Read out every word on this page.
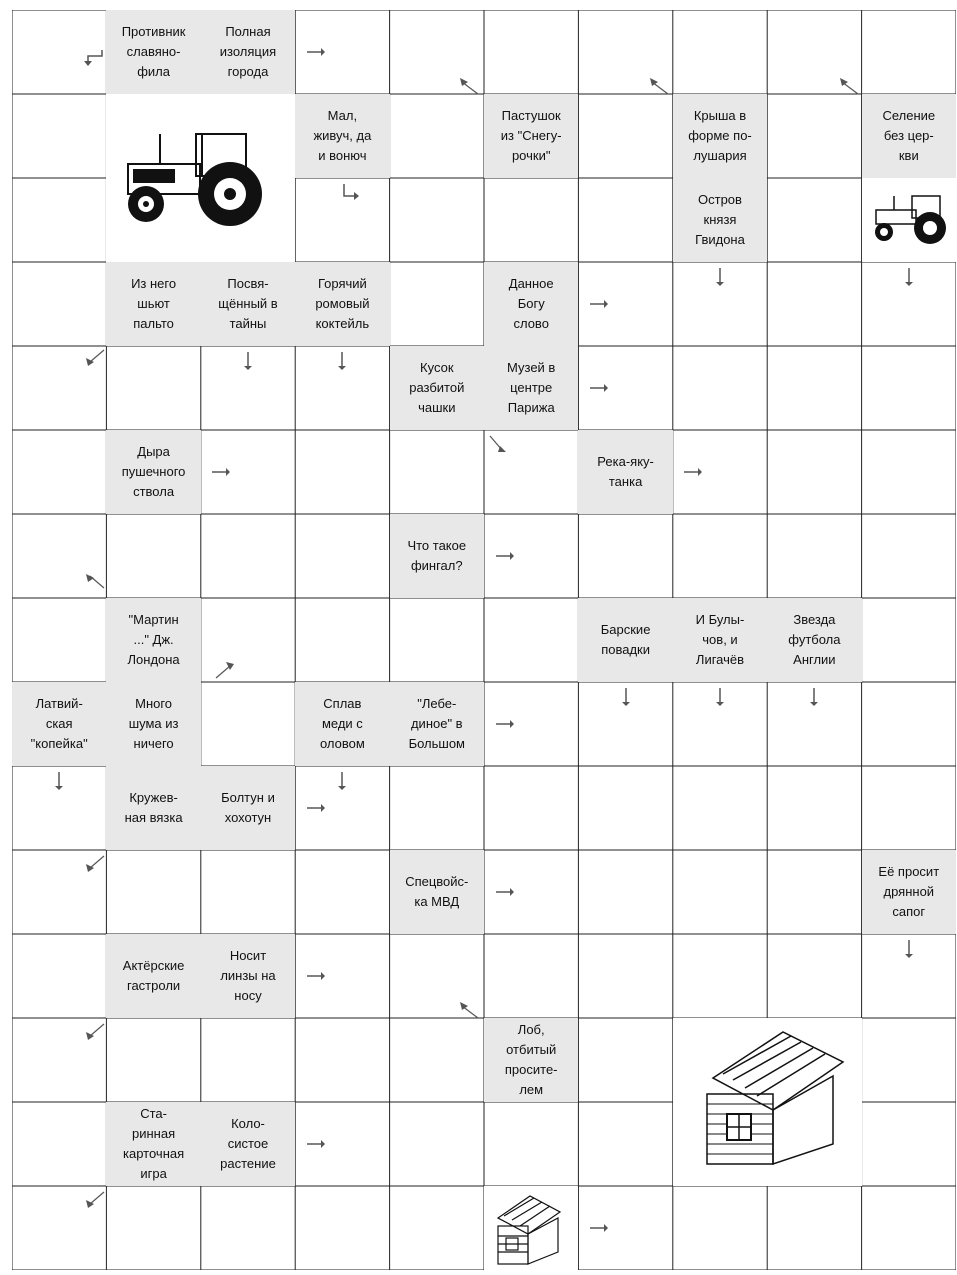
Противник
славяно-
фила
Полная
изоляция
города
Мал,
живуч, да
и вонюч
Пастушок
из "Снегу-
рочки"
Крыша в
форме по-
лушария
Селение
без цер-
кви
Остров
князя
Гвидона
Из него
шьют
пальто
Посвя-
щённый в
тайны
Горячий
ромовый
коктейль
Данное
Богу
слово
Кусок
разбитой
чашки
Музей в
центре
Парижа
Дыра
пушечного
ствола
Река-яку-
танка
Что такое
фингал?
"Мартин
..." Дж.
Лондона
Барские
повадки
И Булы-
чов, и
Лигачёв
Звезда
футбола
Англии
Латвий-
ская
"копейка"
Много
шума из
ничего
Сплав
меди с
оловом
"Лебе-
диное" в
Большом
Кружев-
ная вязка
Болтун и
хохотун
Спецвойс-
ка МВД
Её просит
дрянной
сапог
Актёрские
гастроли
Носит
линзы на
носу
Лоб,
отбитый
просите-
лем
Ста-
ринная
карточная
игра
Коло-
систое
растение
